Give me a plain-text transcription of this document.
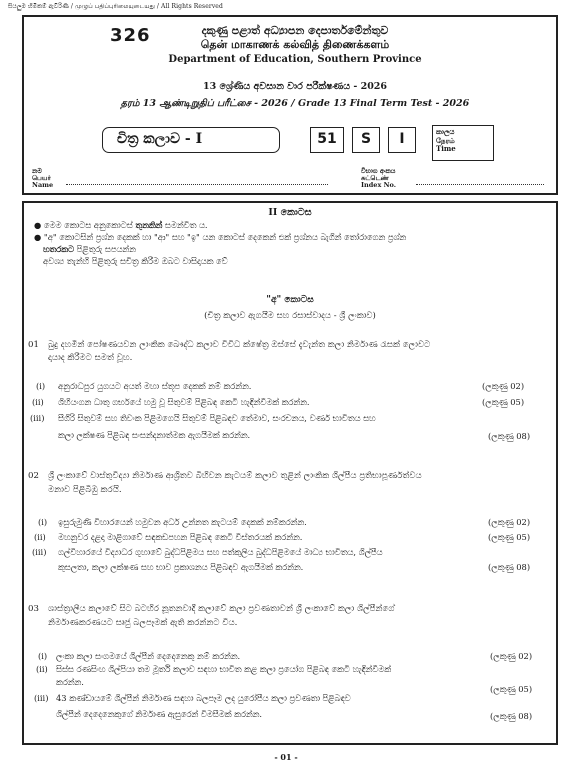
සියලුම හිමිකම් ඇවිරිණි / முழுப் பதிப்புரிமையுடையது / All Rights Reserved
326	දකුණු පළාත් අධ්‍යාපන දෙපාර්තමේන්තුව
தென் மாகாணக் கல்வித் திணைக்களம்
Department of Education, Southern Province
13 ශ්‍රේණිය අවසාන වාර පරීක්ෂණය - 2026
தரம் 13 ஆண்டிறுதிப் பரீட்சை - 2026 / Grade 13 Final Term Test - 2026
චිත්‍ර කලාව - I	51	S	I	කාලය
நேரம்
Time
නම
பெயர்
Name
විභාග අංකය
சுட்டெண்
Index No.
II කොටස
● මෙම කොටස අනුකොටස් තුනකින් සමන්විත ය.
● "අ" කොටසින් ප්‍රශ්න දෙකක් හා "ආ" සහ "ඉ" යන කොටස් දෙකෙන් එක් ප්‍රශ්නය බැගින් තෝරාගෙන ප්‍රශ්න
හතරකට පිළිතුරු සපයන්න
අවශ්‍ය තැන්හි පිළිතුරු සචිත්‍ර කිරීම ඔබට වාසිදායක වේ
"අ" කොටස
(චිත්‍ර කලාව ඇගයීම සහ රසාස්වාදය - ශ්‍රී ලංකාව)
01 බුදු දහමින් පෝෂණයවන ලාංකික බෞද්ධ කලාව විවිධ ක්ෂේත්‍ර ඔස්සේ දැවැන්ත කලා නිර්මාණ රැසක් ලොවට
දායාද කිරීමට සමත් වූහ.
(i) අනුරාධපුර යුගයට අයත් මහා ස්තූප දෙකක් නම් කරන්න.	(ලකුණු 02)
(ii) ශිහියංගන ධාතු ගර්භයේ හමු වූ සිතුවම් පිළිබඳ කෙටි හැඳින්වීමක් කරන්න.	(ලකුණු 05)
(iii) සීගිරි සිතුවම් සහ තිවංක පිළිමගෙයි සිතුවම් පිළිබඳව තේමාව, සංරචනය, වර්ණ භාවිතය සහ
කලා ලක්ෂණ පිළිබඳ සංසන්දනාත්මක ඇගයීමක් කරන්න.	(ලකුණු 08)
02 ශ්‍රී ලංකාවේ වාස්තුවිද්‍යා නිර්මාණ ආශ්‍රිතව බිහිවන කැටයම් කලාව තුළින් ලාංකික ශිල්පීය ප්‍රතිභාපූර්ණත්වය
මනාව පිළිබිඹු කරයි.
(i) ඉසුරුමුණි විහාරයෙන් හමුවන අර්ධ උන්නත කැටයම් දෙකක් නම්කරන්න.	(ලකුණු 02)
(ii) මහනුවර දළදා මාළිගාවේ සඳකඩපහන පිළිබඳ කෙටි විස්තරයක් කරන්න.	(ලකුණු 05)
(iii) ගල්විහාරයේ විද්‍යාධර ගුහාවේ බුද්ධපිළිමය සහ පත්කුලිය බුද්ධපිළිමයේ මාධ්‍ය භාවිතය, ශිල්පීය
කුසලතා, කලා ලක්ෂණ සහ භාව ප්‍රකාශනය පිළිබඳව ඇගයීමක් කරන්න.	(ලකුණු 08)
03 ශාස්ත්‍රාලීය කලාවේ සිට බටහිර නූතනවාදී කලාවේ කලා ප්‍රවණතාවන් ශ්‍රී ලංකාවේ කලා ශිල්පීන්ගේ
නිර්මාණකරණයට සෘජු බලපෑමක් ඇති කරන්නට විය.
(i) ලංකා කලා සංගමයේ ශිල්පීන් දෙදෙනෙකු නම් කරන්න.	(ලකුණු 02)
(ii) සිස්ස රණසිංහ ශිල්පියා තම මූර්ති කලාව සඳහා භාවිත කළ කලා ප්‍රයෝග පිළිබඳ කෙටි හැඳින්වීමක්
කරන්න.
(ලකුණු 05)
(iii) 43 කණ්ඩායමේ ශිල්පීන් නිර්මාණ සඳහා බලපෑම ලද යුරෝපීය කලා ප්‍රවණතා පිළිබඳව
ශිල්පීන් දෙදෙනෙකුගේ නිර්මාණ ඇසුරෙන් විමසීමක් කරන්න.	(ලකුණු 08)
- 01 -
